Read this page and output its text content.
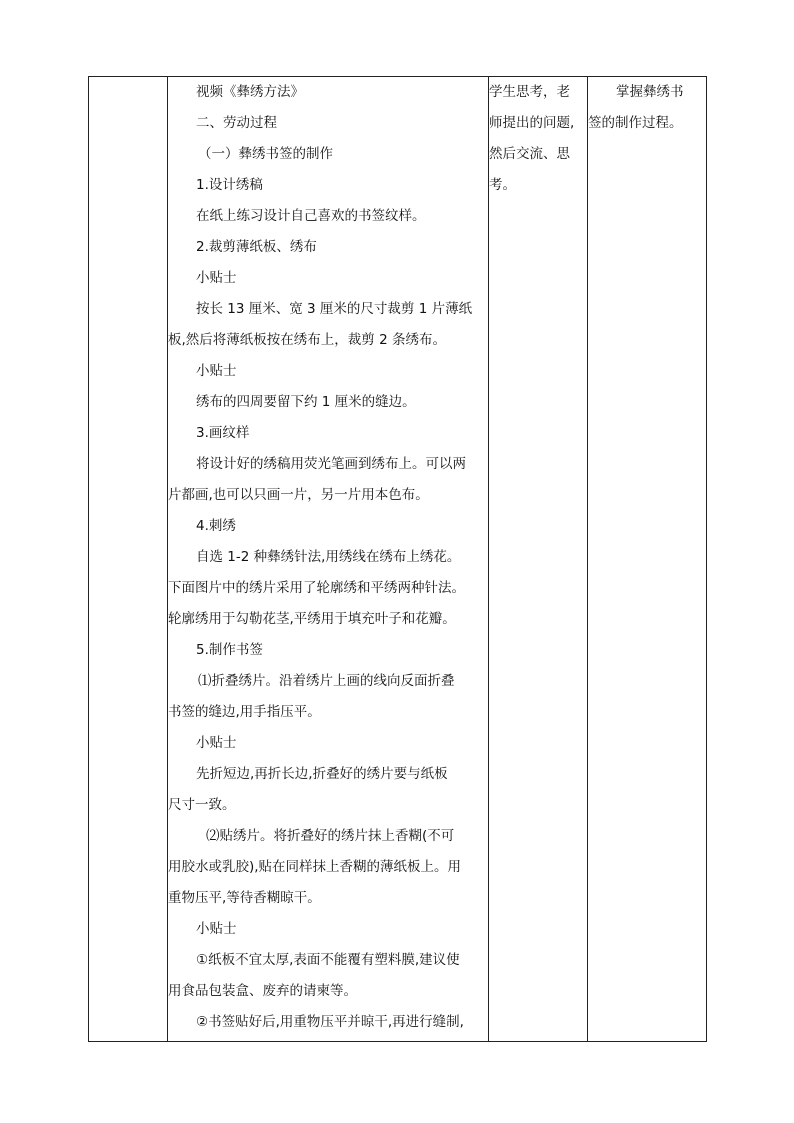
视频《彝绣方法》
二、劳动过程
（一）彝绣书签的制作
1.设计绣稿
在纸上练习设计自己喜欢的书签纹样。
2.裁剪薄纸板、绣布
小贴士
按长 13 厘米、宽 3 厘米的尺寸裁剪 1 片薄纸
板,然后将薄纸板按在绣布上，裁剪 2 条绣布。
小贴士
绣布的四周要留下约 1 厘米的缝边。
3.画纹样
将设计好的绣稿用荧光笔画到绣布上。可以两
片都画,也可以只画一片，另一片用本色布。
4.刺绣
自选 1-2 种彝绣针法,用绣线在绣布上绣花。
下面图片中的绣片采用了轮廓绣和平绣两种针法。
轮廓绣用于勾勒花茎,平绣用于填充叶子和花瓣。
5.制作书签
⑴折叠绣片。沿着绣片上画的线向反面折叠
书签的缝边,用手指压平。
小贴士
先折短边,再折长边,折叠好的绣片要与纸板
尺寸一致。
⑵贴绣片。将折叠好的绣片抹上香糊(不可
用胶水或乳胶),贴在同样抹上香糊的薄纸板上。用
重物压平,等待香糊晾干。
小贴士
①纸板不宜太厚,表面不能覆有塑料膜,建议使
用食品包装盒、废弃的请柬等。
②书签贴好后,用重物压平并晾干,再进行缝制,

学生思考，老
师提出的问题,
然后交流、思
考。

掌握彝绣书
签的制作过程。
